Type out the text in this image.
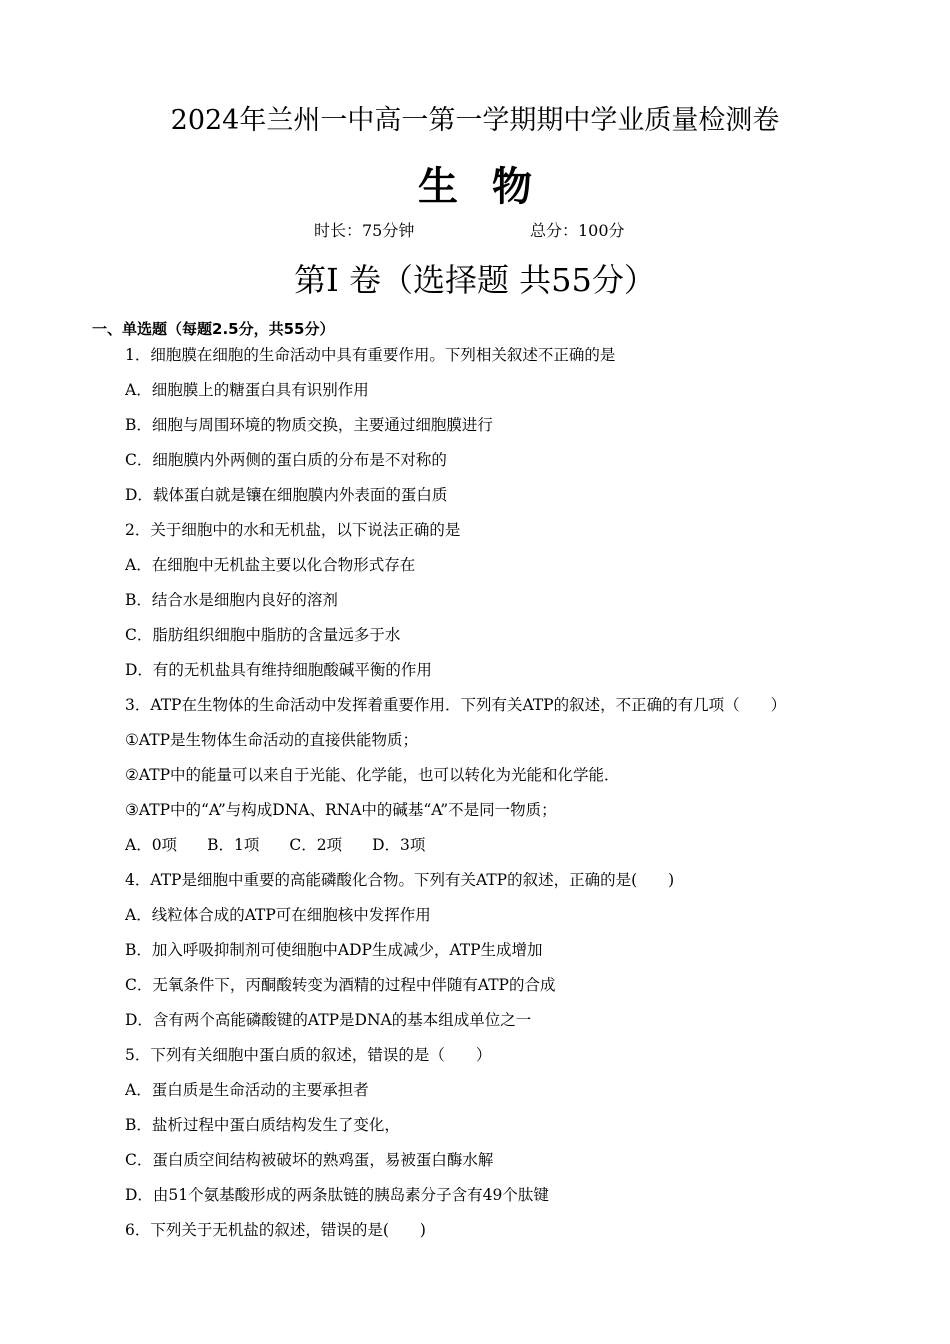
2024年兰州一中高一第一学期期中学业质量检测卷
生物
时长：75分钟	总分：100分
第I 卷（选择题 共55分）
一、单选题（每题2.5分，共55分）
1．细胞膜在细胞的生命活动中具有重要作用。下列相关叙述不正确的是
A．细胞膜上的糖蛋白具有识别作用
B．细胞与周围环境的物质交换，主要通过细胞膜进行
C．细胞膜内外两侧的蛋白质的分布是不对称的
D．载体蛋白就是镶在细胞膜内外表面的蛋白质
2．关于细胞中的水和无机盐，以下说法正确的是
A．在细胞中无机盐主要以化合物形式存在
B．结合水是细胞内良好的溶剂
C．脂肪组织细胞中脂肪的含量远多于水
D．有的无机盐具有维持细胞酸碱平衡的作用
3．ATP在生物体的生命活动中发挥着重要作用．下列有关ATP的叙述，不正确的有几项（　　）
①ATP是生物体生命活动的直接供能物质；
②ATP中的能量可以来自于光能、化学能，也可以转化为光能和化学能．
③ATP中的“A”与构成DNA、RNA中的碱基“A”不是同一物质；
A．0项 B．1项 C．2项 D．3项
4．ATP是细胞中重要的高能磷酸化合物。下列有关ATP的叙述，正确的是(　　)
A．线粒体合成的ATP可在细胞核中发挥作用
B．加入呼吸抑制剂可使细胞中ADP生成减少，ATP生成增加
C．无氧条件下，丙酮酸转变为酒精的过程中伴随有ATP的合成
D．含有两个高能磷酸键的ATP是DNA的基本组成单位之一
5．下列有关细胞中蛋白质的叙述，错误的是（　　）
A．蛋白质是生命活动的主要承担者
B．盐析过程中蛋白质结构发生了变化，
C．蛋白质空间结构被破坏的熟鸡蛋，易被蛋白酶水解
D．由51个氨基酸形成的两条肽链的胰岛素分子含有49个肽键
6．下列关于无机盐的叙述，错误的是(　　)
